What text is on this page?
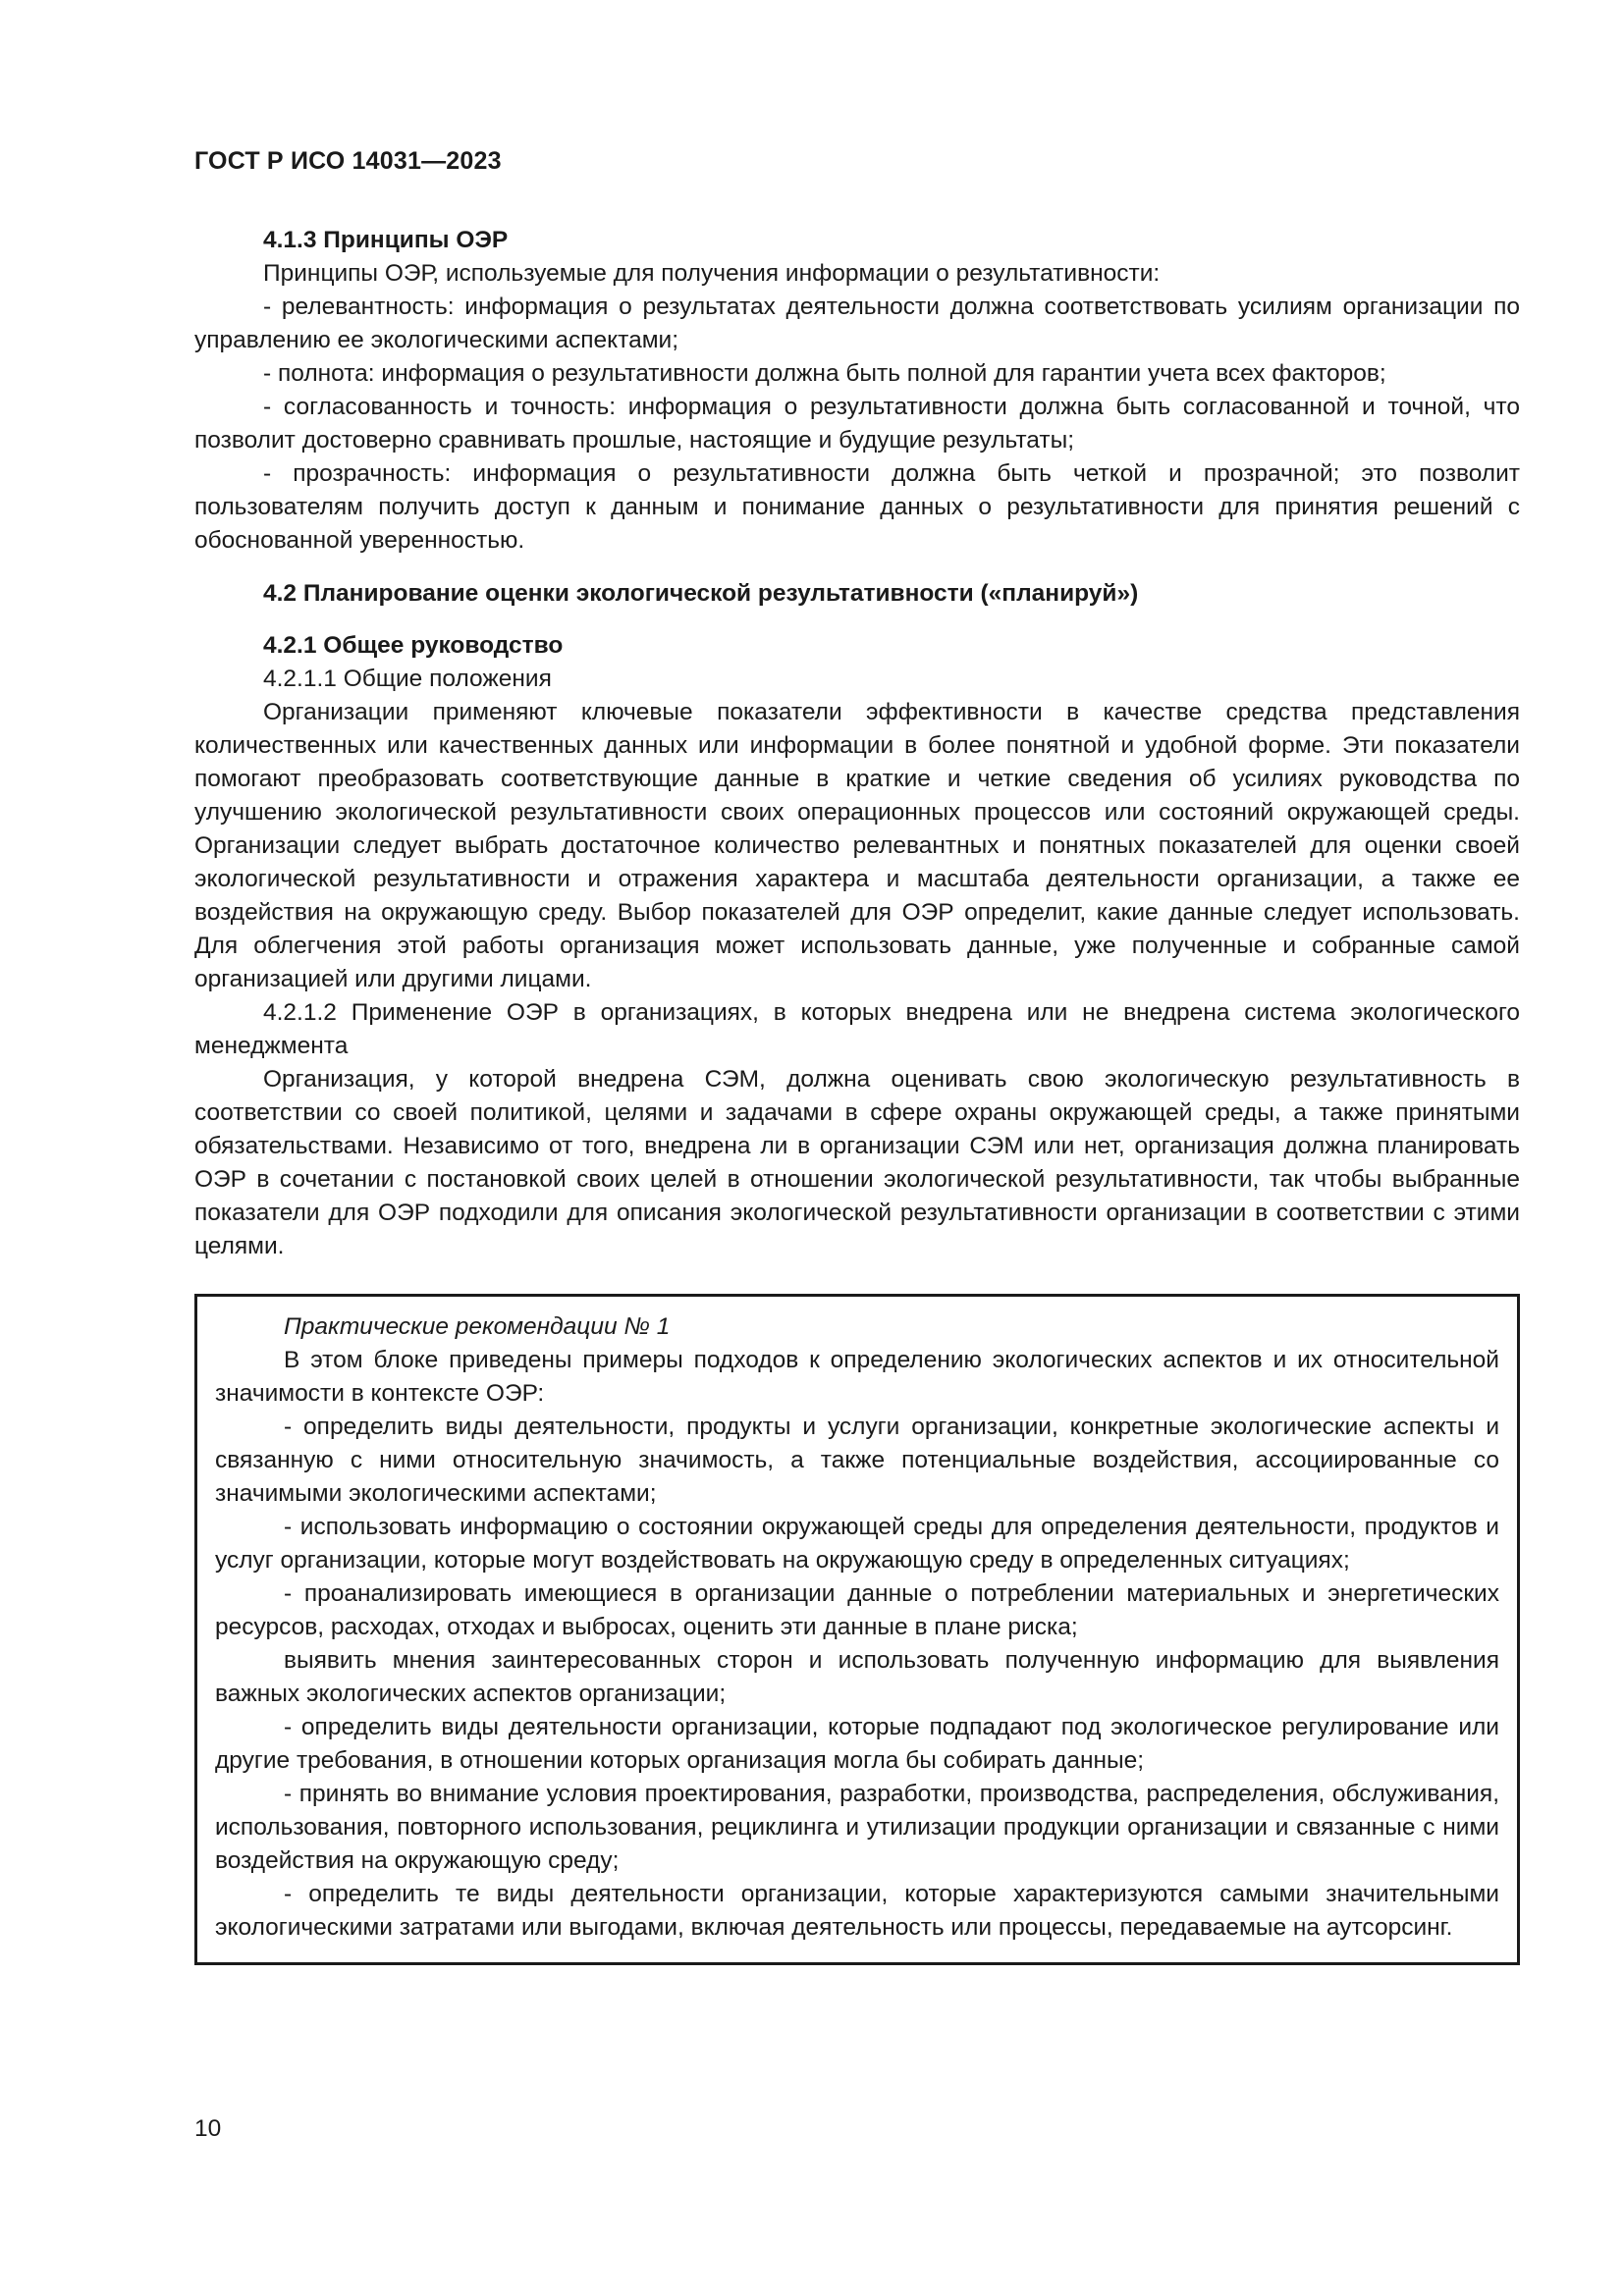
ГОСТ Р ИСО 14031—2023

4.1.3 Принципы ОЭР

Принципы ОЭР, используемые для получения информации о результативности:

- релевантность: информация о результатах деятельности должна соответствовать усилиям организации по управлению ее экологическими аспектами;

- полнота: информация о результативности должна быть полной для гарантии учета всех факторов;

- согласованность и точность: информация о результативности должна быть согласованной и точной, что позволит достоверно сравнивать прошлые, настоящие и будущие результаты;

- прозрачность: информация о результативности должна быть четкой и прозрачной; это позволит пользователям получить доступ к данным и понимание данных о результативности для принятия решений с обоснованной уверенностью.

4.2 Планирование оценки экологической результативности («планируй»)

4.2.1 Общее руководство

4.2.1.1 Общие положения

Организации применяют ключевые показатели эффективности в качестве средства представления количественных или качественных данных или информации в более понятной и удобной форме. Эти показатели помогают преобразовать соответствующие данные в краткие и четкие сведения об усилиях руководства по улучшению экологической результативности своих операционных процессов или состояний окружающей среды. Организации следует выбрать достаточное количество релевантных и понятных показателей для оценки своей экологической результативности и отражения характера и масштаба деятельности организации, а также ее воздействия на окружающую среду. Выбор показателей для ОЭР определит, какие данные следует использовать. Для облегчения этой работы организация может использовать данные, уже полученные и собранные самой организацией или другими лицами.

4.2.1.2 Применение ОЭР в организациях, в которых внедрена или не внедрена система экологического менеджмента

Организация, у которой внедрена СЭМ, должна оценивать свою экологическую результативность в соответствии со своей политикой, целями и задачами в сфере охраны окружающей среды, а также принятыми обязательствами. Независимо от того, внедрена ли в организации СЭМ или нет, организация должна планировать ОЭР в сочетании с постановкой своих целей в отношении экологической результативности, так чтобы выбранные показатели для ОЭР подходили для описания экологической результативности организации в соответствии с этими целями.

Практические рекомендации № 1

В этом блоке приведены примеры подходов к определению экологических аспектов и их относительной значимости в контексте ОЭР:

- определить виды деятельности, продукты и услуги организации, конкретные экологические аспекты и связанную с ними относительную значимость, а также потенциальные воздействия, ассоциированные со значимыми экологическими аспектами;

- использовать информацию о состоянии окружающей среды для определения деятельности, продуктов и услуг организации, которые могут воздействовать на окружающую среду в определенных ситуациях;

- проанализировать имеющиеся в организации данные о потреблении материальных и энергетических ресурсов, расходах, отходах и выбросах, оценить эти данные в плане риска;

выявить мнения заинтересованных сторон и использовать полученную информацию для выявления важных экологических аспектов организации;

- определить виды деятельности организации, которые подпадают под экологическое регулирование или другие требования, в отношении которых организация могла бы собирать данные;

- принять во внимание условия проектирования, разработки, производства, распределения, обслуживания, использования, повторного использования, рециклинга и утилизации продукции организации и связанные с ними воздействия на окружающую среду;

- определить те виды деятельности организации, которые характеризуются самыми значительными экологическими затратами или выгодами, включая деятельность или процессы, передаваемые на аутсорсинг.

10
